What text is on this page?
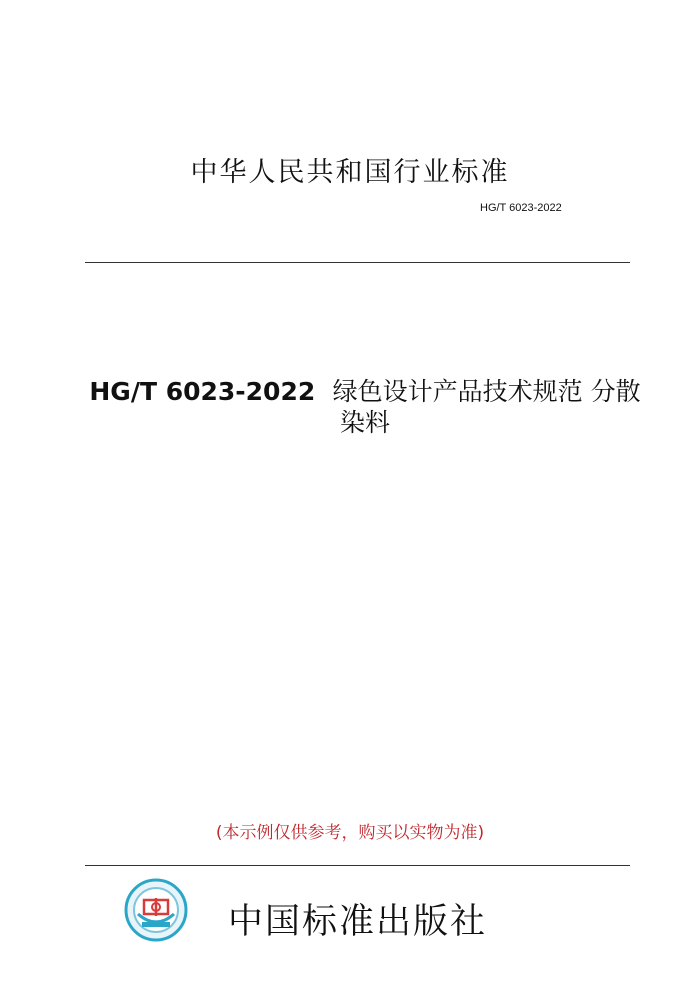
中华人民共和国行业标准
HG/T 6023-2022
HG/T 6023-2022 绿色设计产品技术规范 分散
染料
(本示例仅供参考，购买以实物为准)
中国标准出版社
